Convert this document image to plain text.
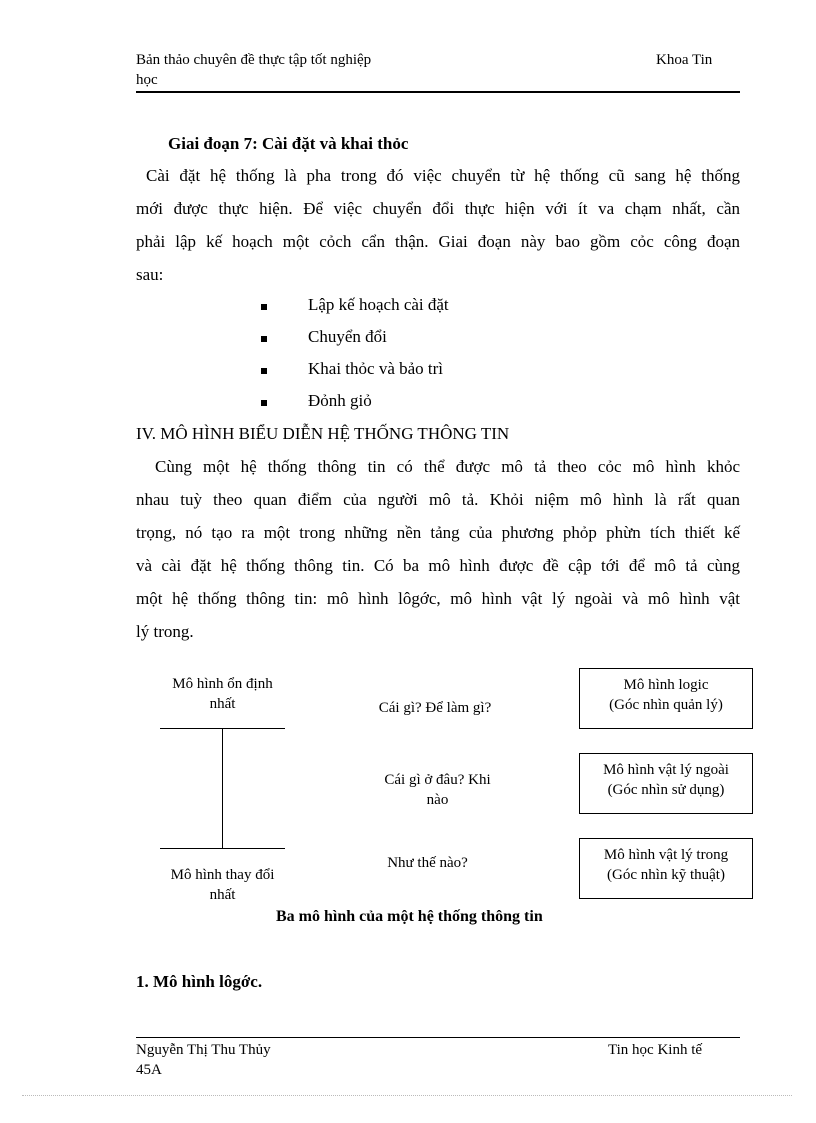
Bản thảo chuyên đề thực tập tốt nghiệp
học
Khoa Tin
Giai đoạn 7: Cài đặt và khai thỏc
Cài đặt hệ thống là pha trong đó việc chuyển từ hệ thống cũ sang hệ thống
mới được thực hiện. Để việc chuyển đổi thực hiện với ít va chạm nhất, cần
phải lập kế hoạch một cỏch cẩn thận. Giai đoạn này bao gồm cỏc công đoạn
sau:
Lập kế hoạch cài đặt
Chuyển đổi
Khai thỏc và bảo trì
Đỏnh giỏ
IV. MÔ HÌNH BIỂU DIỄN HỆ THỐNG THÔNG TIN
Cùng một hệ thống thông tin có thể được mô tả theo cỏc mô hình khỏc
nhau tuỳ theo quan điểm của người mô tả. Khỏi niệm mô hình là rất quan
trọng, nó tạo ra một trong những nền tảng của phương phỏp phừn tích thiết kế
và cài đặt hệ thống thông tin. Có ba mô hình được đề cập tới để mô tả cùng
một hệ thống thông tin: mô hình lôgớc, mô hình vật lý ngoài và mô hình vật
lý trong.
Mô hình ổn định
nhất
Mô hình thay đổi
nhất
Cái gì? Để làm gì?
Cái gì ở đâu? Khi
nào
Như thế nào?
Mô hình logic
(Góc nhìn quản lý)
Mô hình vật lý ngoài
(Góc nhìn sử dụng)
Mô hình vật lý trong
(Góc nhìn kỹ thuật)
Ba mô hình của một hệ thống thông tin
1. Mô hình lôgớc.
Nguyễn Thị Thu Thủy
45A
Tin học Kinh tế
